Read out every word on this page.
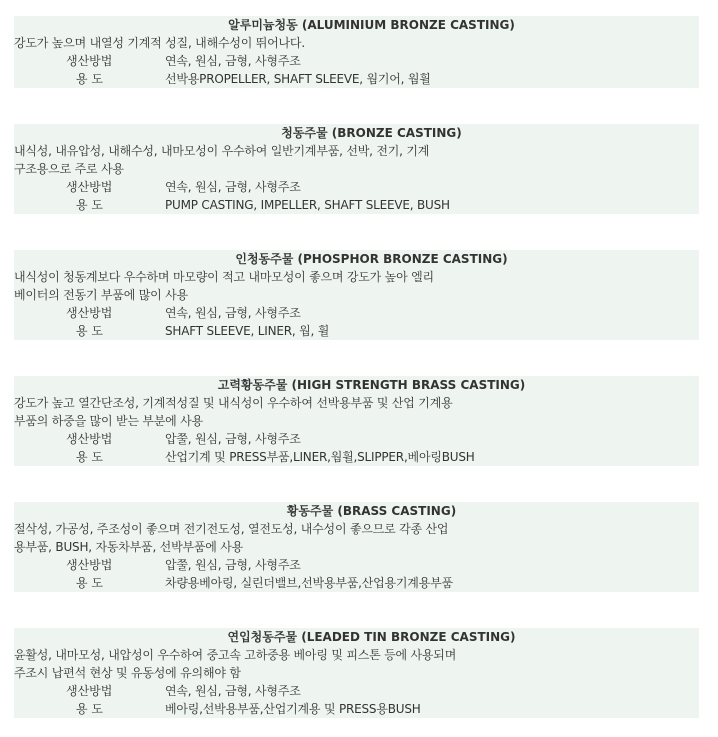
알루미늄청동 (ALUMINIUM BRONZE CASTING)
강도가 높으며 내열성 기계적 성질, 내해수성이 뛰어나다.
생산방법	연속, 원심, 금형, 사형주조
용 도	선박용PROPELLER, SHAFT SLEEVE, 웜기어, 웜휠
청동주물 (BRONZE CASTING)
내식성, 내유압성, 내해수성, 내마모성이 우수하여 일반기계부품, 선박, 전기, 기계
구조용으로 주로 사용
생산방법	연속, 원심, 금형, 사형주조
용 도	PUMP CASTING, IMPELLER, SHAFT SLEEVE, BUSH
인청동주물 (PHOSPHOR BRONZE CASTING)
내식성이 청동계보다 우수하며 마모량이 적고 내마모성이 좋으며 강도가 높아 엘리
베이터의 전동기 부품에 많이 사용
생산방법	연속, 원심, 금형, 사형주조
용 도	SHAFT SLEEVE, LINER, 웜, 휠
고력황동주물 (HIGH STRENGTH BRASS CASTING)
강도가 높고 열간단조성, 기계적성질 및 내식성이 우수하여 선박용부품 및 산업 기계용
부품의 하중을 많이 받는 부분에 사용
생산방법	압쭐, 원심, 금형, 사형주조
용 도	산업기계 및 PRESS부품,LINER,웜휠,SLIPPER,베아링BUSH
황동주물 (BRASS CASTING)
절삭성, 가공성, 주조성이 좋으며 전기전도성, 열전도성, 내수성이 좋으므로 각종 산업
용부품, BUSH, 자동차부품, 선박부품에 사용
생산방법	압쭐, 원심, 금형, 사형주조
용 도	차량용베아링, 실린더밸브,선박용부품,산업용기계용부품
연입청동주물 (LEADED TIN BRONZE CASTING)
윤활성, 내마모성, 내압성이 우수하여 중고속 고하중용 베아링 및 피스톤 등에 사용되며
주조시 납편석 현상 및 유동성에 유의해야 함
생산방법	연속, 원심, 금형, 사형주조
용 도	베아링,선박용부품,산업기계용 및 PRESS용BUSH
